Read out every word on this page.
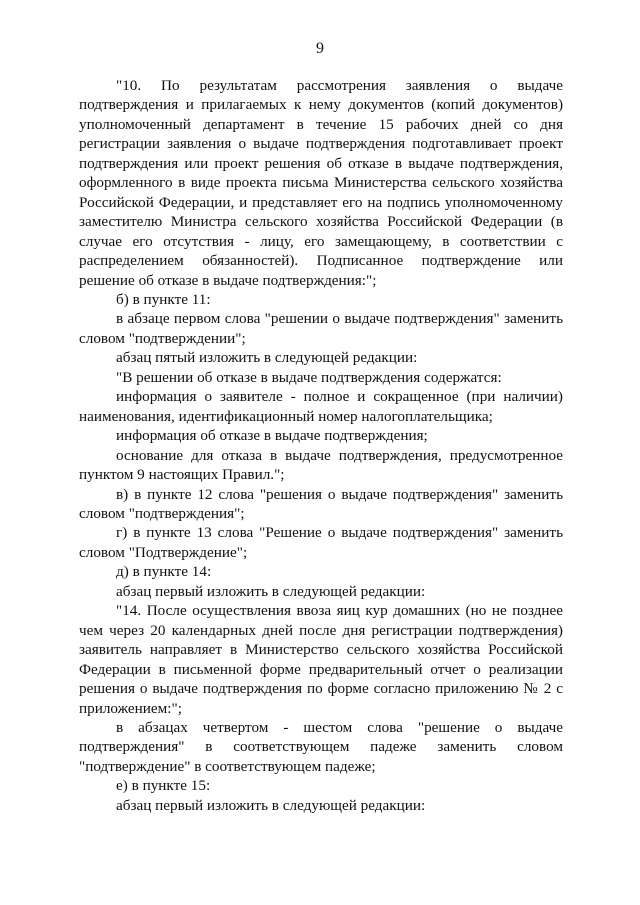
9

"10. По результатам рассмотрения заявления о выдаче подтверждения и прилагаемых к нему документов (копий документов) уполномоченный департамент в течение 15 рабочих дней со дня регистрации заявления о выдаче подтверждения подготавливает проект подтверждения или проект решения об отказе в выдаче подтверждения, оформленного в виде проекта письма Министерства сельского хозяйства Российской Федерации, и представляет его на подпись уполномоченному заместителю Министра сельского хозяйства Российской Федерации (в случае его отсутствия - лицу, его замещающему, в соответствии с распределением обязанностей). Подписанное подтверждение или решение об отказе в выдаче подтверждения:";

б) в пункте 11:

в абзаце первом слова "решении о выдаче подтверждения" заменить словом "подтверждении";

абзац пятый изложить в следующей редакции:

"В решении об отказе в выдаче подтверждения содержатся:

информация о заявителе - полное и сокращенное (при наличии) наименования, идентификационный номер налогоплательщика;

информация об отказе в выдаче подтверждения;

основание для отказа в выдаче подтверждения, предусмотренное пунктом 9 настоящих Правил.";

в) в пункте 12 слова "решения о выдаче подтверждения" заменить словом "подтверждения";

г) в пункте 13 слова "Решение о выдаче подтверждения" заменить словом "Подтверждение";

д) в пункте 14:

абзац первый изложить в следующей редакции:

"14. После осуществления ввоза яиц кур домашних (но не позднее чем через 20 календарных дней после дня регистрации подтверждения) заявитель направляет в Министерство сельского хозяйства Российской Федерации в письменной форме предварительный отчет о реализации решения о выдаче подтверждения по форме согласно приложению № 2 с приложением:";

в абзацах четвертом - шестом слова "решение о выдаче подтверждения" в соответствующем падеже заменить словом "подтверждение" в соответствующем падеже;

е) в пункте 15:

абзац первый изложить в следующей редакции:
